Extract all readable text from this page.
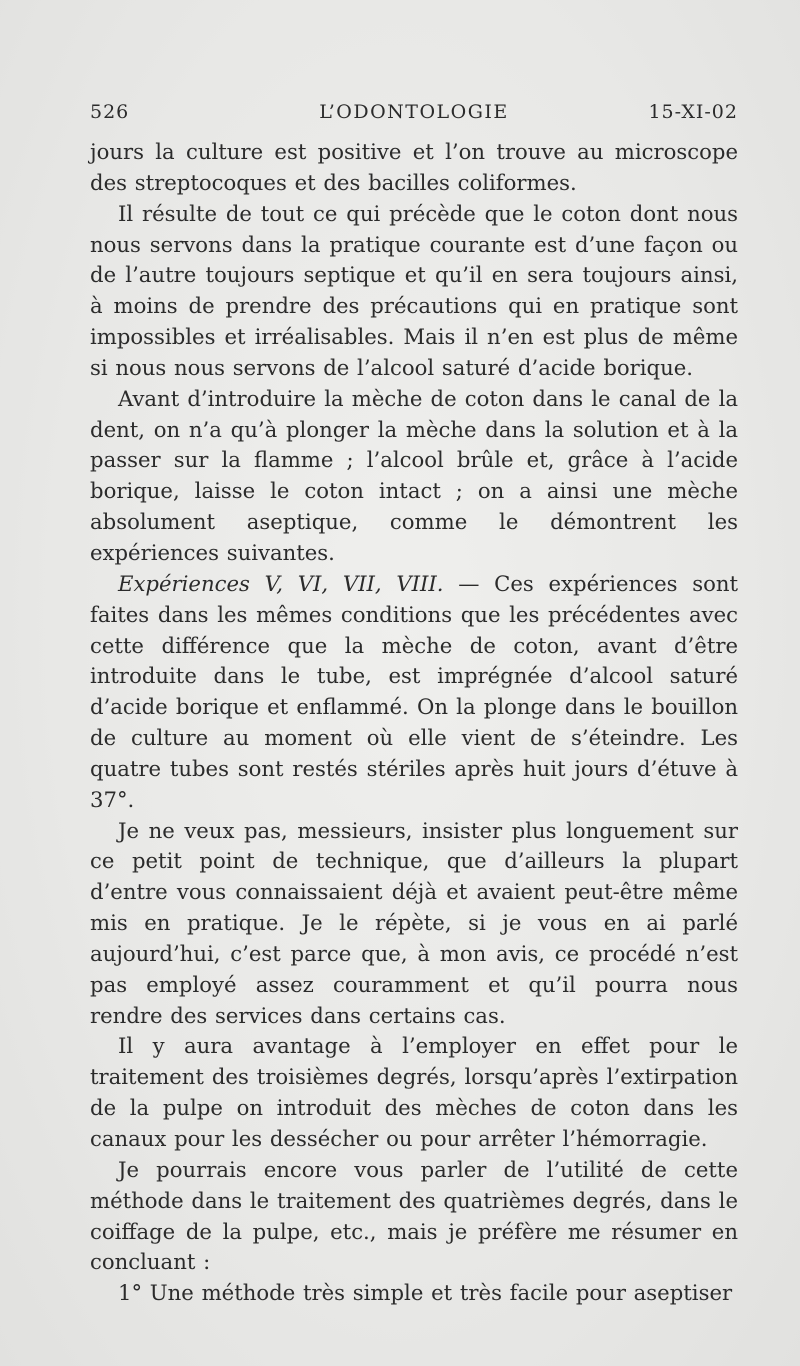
526	L’ODONTOLOGIE	15-XI-02

jours la culture est positive et l’on trouve au microscope des streptocoques et des bacilles coliformes.

Il résulte de tout ce qui précède que le coton dont nous nous servons dans la pratique courante est d’une façon ou de l’autre toujours septique et qu’il en sera toujours ainsi, à moins de prendre des précautions qui en pratique sont impossibles et irréalisables. Mais il n’en est plus de même si nous nous servons de l’alcool saturé d’acide borique.

Avant d’introduire la mèche de coton dans le canal de la dent, on n’a qu’à plonger la mèche dans la solution et à la passer sur la flamme ; l’alcool brûle et, grâce à l’acide borique, laisse le coton intact ; on a ainsi une mèche absolument aseptique, comme le démontrent les expériences suivantes.

Expériences V, VI, VII, VIII. — Ces expériences sont faites dans les mêmes conditions que les précédentes avec cette différence que la mèche de coton, avant d’être introduite dans le tube, est imprégnée d’alcool saturé d’acide borique et enflammé. On la plonge dans le bouillon de culture au moment où elle vient de s’éteindre. Les quatre tubes sont restés stériles après huit jours d’étuve à 37°.

Je ne veux pas, messieurs, insister plus longuement sur ce petit point de technique, que d’ailleurs la plupart d’entre vous connaissaient déjà et avaient peut-être même mis en pratique. Je le répète, si je vous en ai parlé aujourd’hui, c’est parce que, à mon avis, ce procédé n’est pas employé assez couramment et qu’il pourra nous rendre des services dans certains cas.

Il y aura avantage à l’employer en effet pour le traitement des troisièmes degrés, lorsqu’après l’extirpation de la pulpe on introduit des mèches de coton dans les canaux pour les dessécher ou pour arrêter l’hémorragie.

Je pourrais encore vous parler de l’utilité de cette méthode dans le traitement des quatrièmes degrés, dans le coiffage de la pulpe, etc., mais je préfère me résumer en concluant :

1° Une méthode très simple et très facile pour aseptiser
